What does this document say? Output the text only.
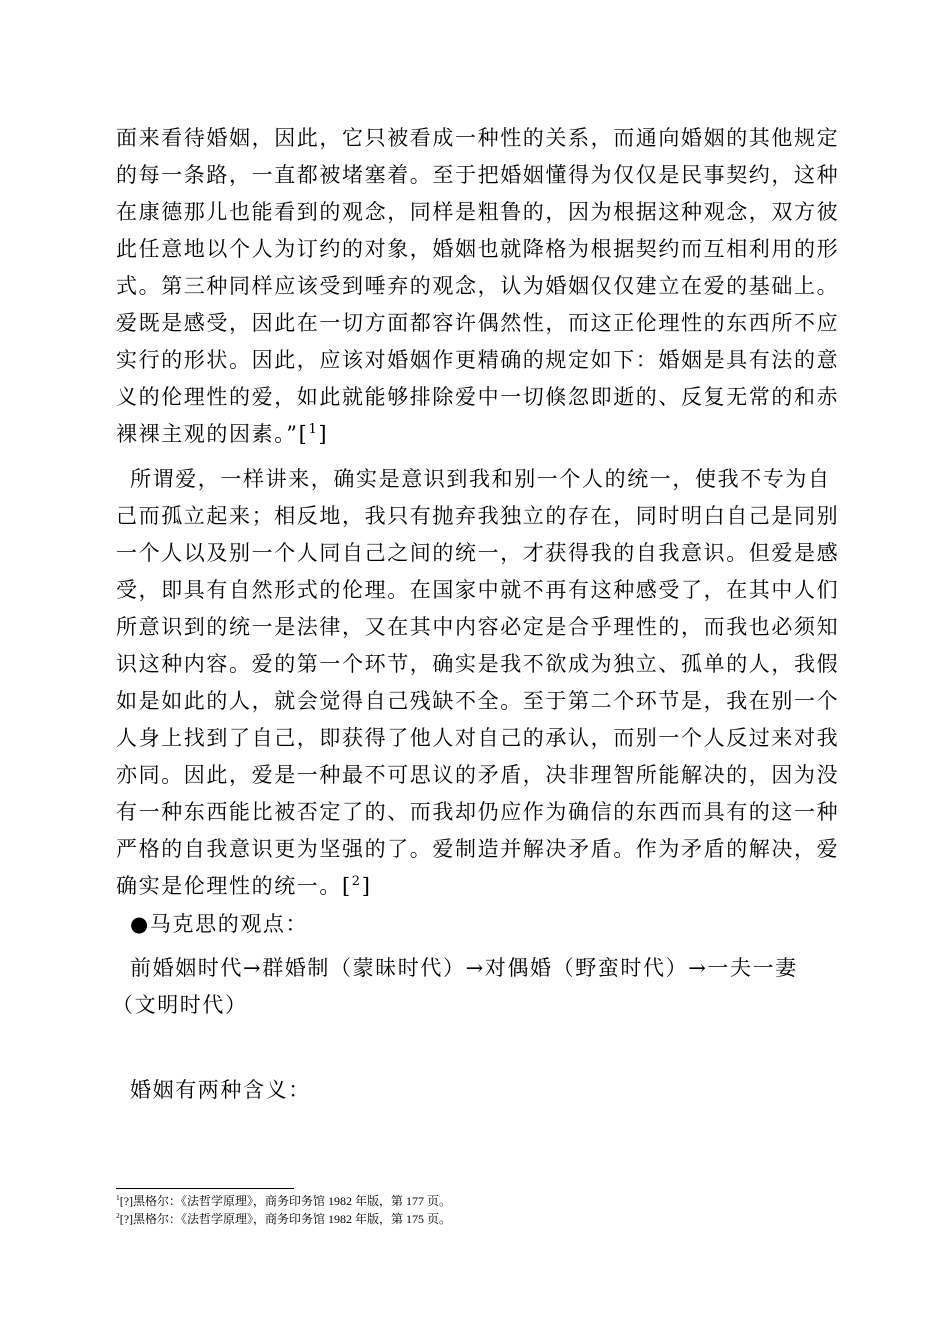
面来看待婚姻，因此，它只被看成一种性的关系，而通向婚姻的其他规定
的每一条路，一直都被堵塞着。至于把婚姻懂得为仅仅是民事契约，这种
在康德那儿也能看到的观念，同样是粗鲁的，因为根据这种观念，双方彼
此任意地以个人为订约的对象，婚姻也就降格为根据契约而互相利用的形
式。第三种同样应该受到唾弃的观念，认为婚姻仅仅建立在爱的基础上。
爱既是感受，因此在一切方面都容许偶然性，而这正伦理性的东西所不应
实行的形状。因此，应该对婚姻作更精确的规定如下：婚姻是具有法的意
义的伦理性的爱，如此就能够排除爱中一切倏忽即逝的、反复无常的和赤
裸裸主观的因素。”[$^1$]
所谓爱，一样讲来，确实是意识到我和别一个人的统一，使我不专为自
己而孤立起来；相反地，我只有抛弃我独立的存在，同时明白自己是同别
一个人以及别一个人同自己之间的统一，才获得我的自我意识。但爱是感
受，即具有自然形式的伦理。在国家中就不再有这种感受了，在其中人们
所意识到的统一是法律，又在其中内容必定是合乎理性的，而我也必须知
识这种内容。爱的第一个环节，确实是我不欲成为独立、孤单的人，我假
如是如此的人，就会觉得自己残缺不全。至于第二个环节是，我在别一个
人身上找到了自己，即获得了他人对自己的承认，而别一个人反过来对我
亦同。因此，爱是一种最不可思议的矛盾，决非理智所能解决的，因为没
有一种东西能比被否定了的、而我却仍应作为确信的东西而具有的这一种
严格的自我意识更为坚强的了。爱制造并解决矛盾。作为矛盾的解决，爱
确实是伦理性的统一。[$^2$]
●马克思的观点：
前婚姻时代→群婚制（蒙昧时代）→对偶婚（野蛮时代）→一夫一妻
（文明时代）
婚姻有两种含义：
$^1$[?]黑格尔：《法哲学原理》，商务印务馆 1982 年版，第 177 页。
$^2$[?]黑格尔：《法哲学原理》，商务印务馆 1982 年版，第 175 页。
